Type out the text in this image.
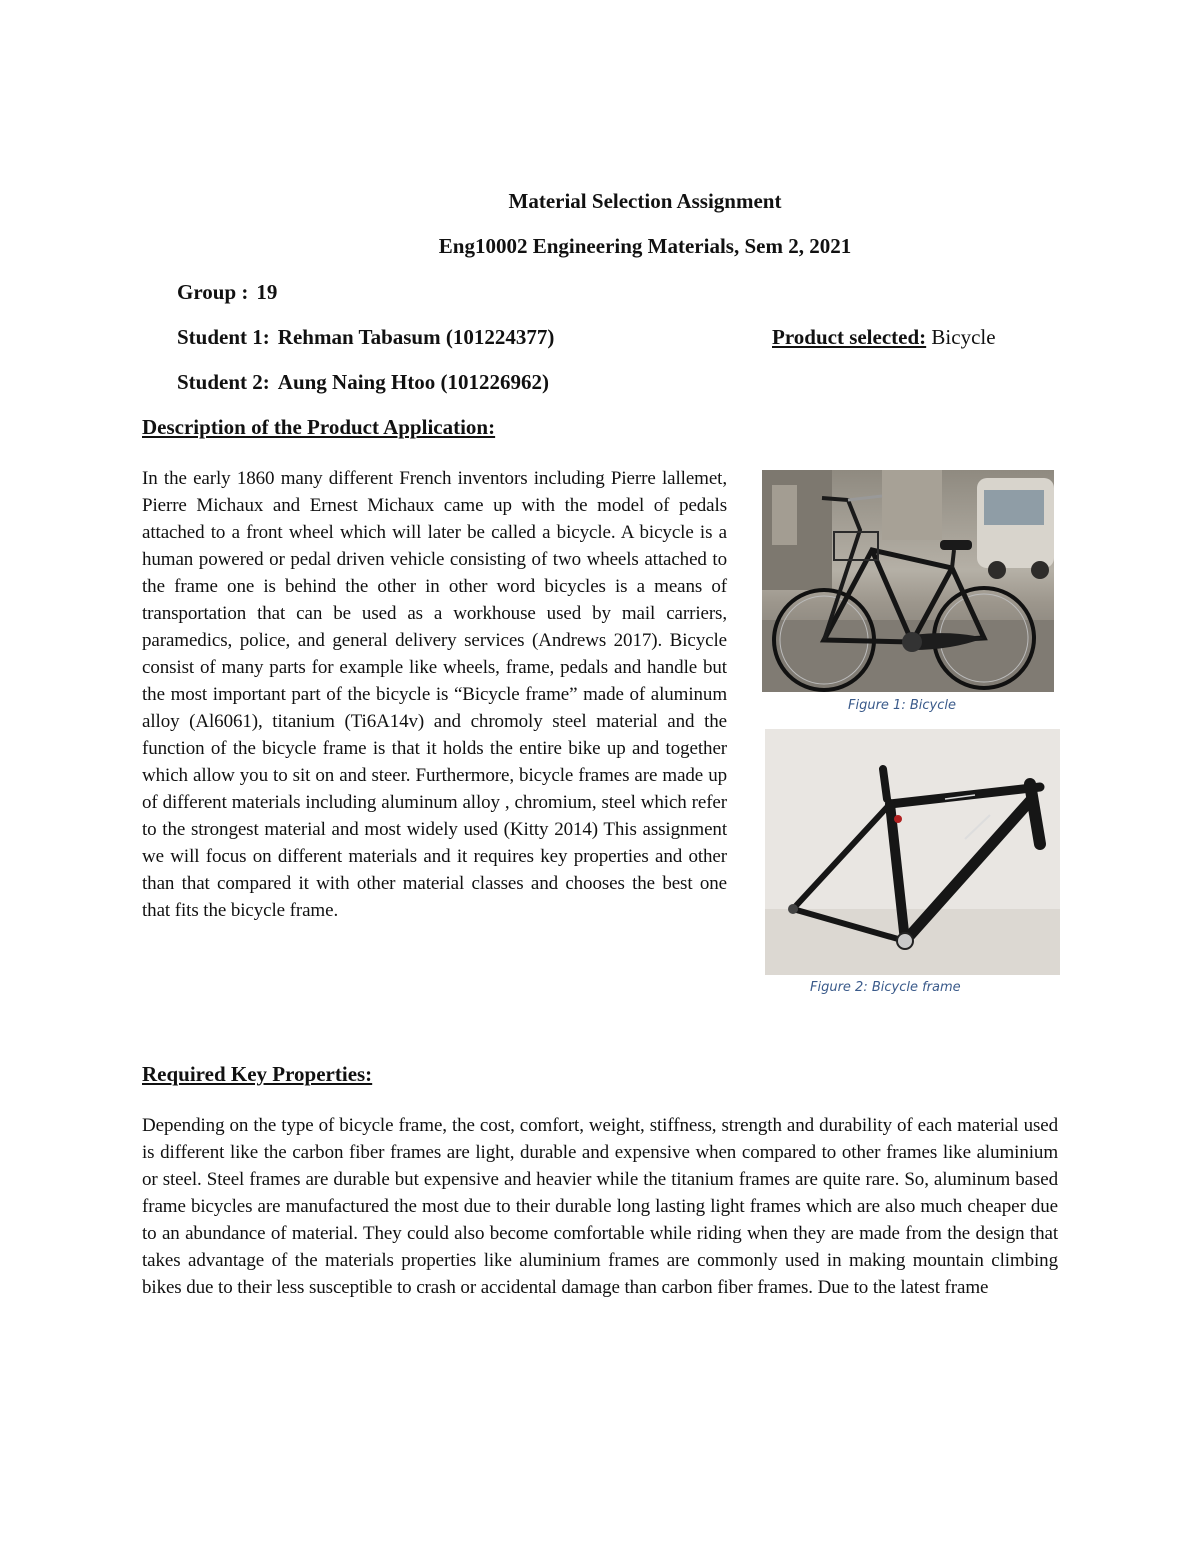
Material Selection Assignment

Eng10002 Engineering Materials, Sem 2, 2021

Group : 19

Student 1: Rehman Tabasum (101224377)

Student 2: Aung Naing Htoo (101226962)

Product selected: Bicycle

Description of the Product Application:

In the early 1860 many different French inventors including Pierre lallemet, Pierre Michaux and Ernest Michaux came up with the model of pedals attached to a front wheel which will later be called a bicycle. A bicycle is a human powered or pedal driven vehicle consisting of two wheels attached to the frame one is behind the other in other word bicycles is a means of transportation that can be used as a workhouse used by mail carriers, paramedics, police, and general delivery services (Andrews 2017). Bicycle consist of many parts for example like wheels, frame, pedals and handle but the most important part of the bicycle is “Bicycle frame” made of aluminum alloy (Al6061), titanium (Ti6A14v) and chromoly steel material and the function of the bicycle frame is that it holds the entire bike up and together which allow you to sit on and steer. Furthermore, bicycle frames are made up of different materials including aluminum alloy , chromium, steel which refer to the strongest material and most widely used (Kitty 2014) This assignment we will focus on different materials and it requires key properties and other than that compared it with other material classes and chooses the best one that fits the bicycle frame.

Figure 1: Bicycle

Figure 2: Bicycle frame

Required Key Properties:

Depending on the type of bicycle frame, the cost, comfort, weight, stiffness, strength and durability of each material used is different like the carbon fiber frames are light, durable and expensive when compared to other frames like aluminium or steel. Steel frames are durable but expensive and heavier while the titanium frames are quite rare. So, aluminum based frame bicycles are manufactured the most due to their durable long lasting light frames which are also much cheaper due to an abundance of material. They could also become comfortable while riding when they are made from the design that takes advantage of the materials properties like aluminium frames are commonly used in making mountain climbing bikes due to their less susceptible to crash or accidental damage than carbon fiber frames. Due to the latest frame
